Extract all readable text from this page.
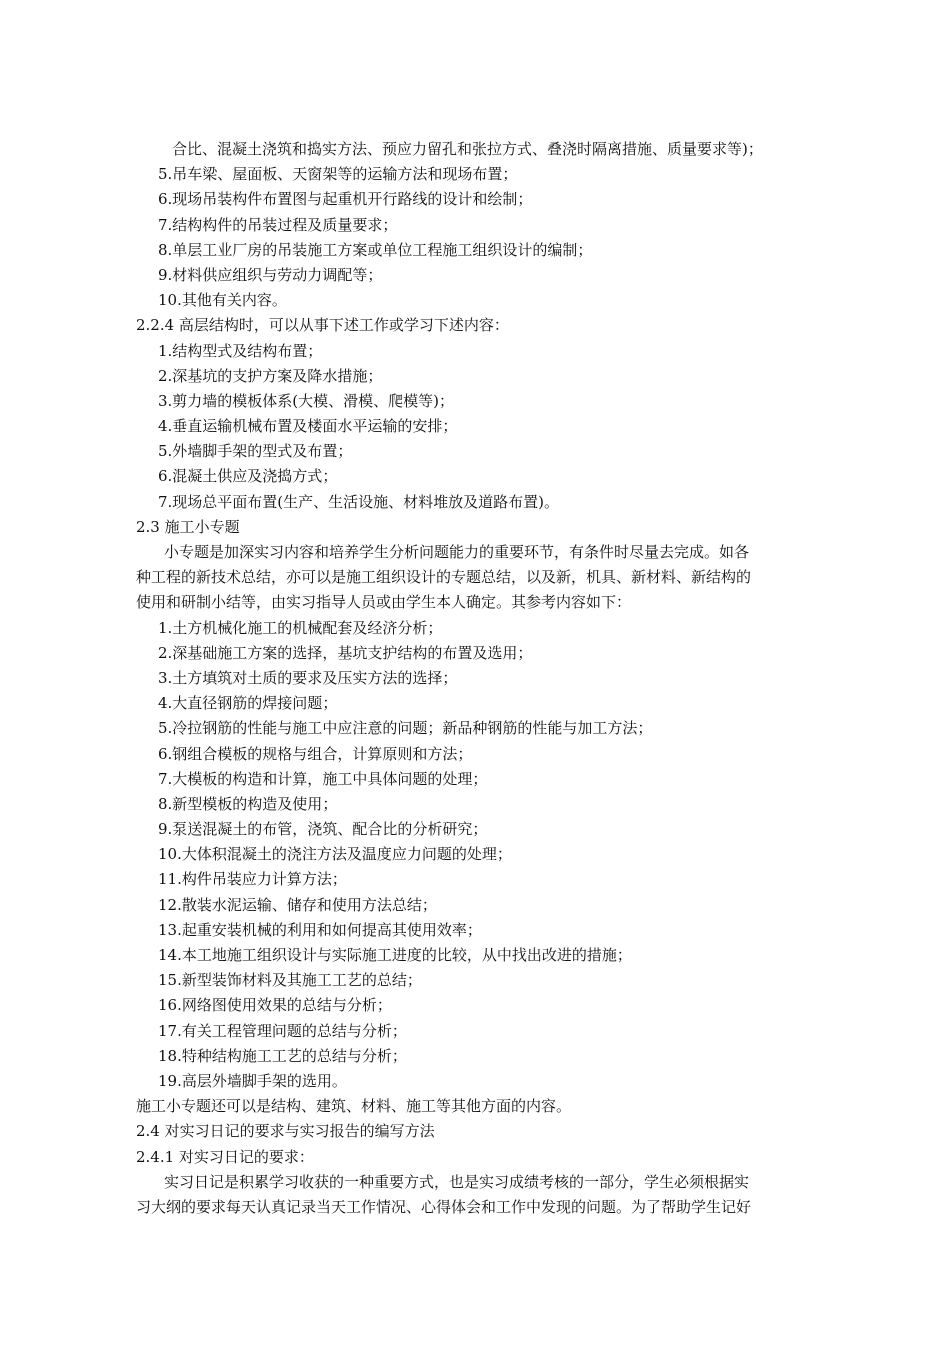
合比、混凝土浇筑和捣实方法、预应力留孔和张拉方式、叠浇时隔离措施、质量要求等)；
5.吊车梁、屋面板、天窗架等的运输方法和现场布置；
6.现场吊装构件布置图与起重机开行路线的设计和绘制；
7.结构构件的吊装过程及质量要求；
8.单层工业厂房的吊装施工方案或单位工程施工组织设计的编制；
9.材料供应组织与劳动力调配等；
10.其他有关内容。
2.2.4 高层结构时，可以从事下述工作或学习下述内容：
1.结构型式及结构布置；
2.深基坑的支护方案及降水措施；
3.剪力墙的模板体系(大模、滑模、爬模等)；
4.垂直运输机械布置及楼面水平运输的安排；
5.外墙脚手架的型式及布置；
6.混凝土供应及浇捣方式；
7.现场总平面布置(生产、生活设施、材料堆放及道路布置)。
2.3 施工小专题
小专题是加深实习内容和培养学生分析问题能力的重要环节，有条件时尽量去完成。如各
种工程的新技术总结，亦可以是施工组织设计的专题总结，以及新，机具、新材料、新结构的
使用和研制小结等，由实习指导人员或由学生本人确定。其参考内容如下：
1.土方机械化施工的机械配套及经济分析；
2.深基础施工方案的选择，基坑支护结构的布置及选用；
3.土方填筑对土质的要求及压实方法的选择；
4.大直径钢筋的焊接问题；
5.冷拉钢筋的性能与施工中应注意的问题；新品种钢筋的性能与加工方法；
6.钢组合模板的规格与组合，计算原则和方法；
7.大模板的构造和计算，施工中具体问题的处理；
8.新型模板的构造及使用；
9.泵送混凝土的布管，浇筑、配合比的分析研究；
10.大体积混凝土的浇注方法及温度应力问题的处理；
11.构件吊装应力计算方法；
12.散装水泥运输、储存和使用方法总结；
13.起重安装机械的利用和如何提高其使用效率；
14.本工地施工组织设计与实际施工进度的比较，从中找出改进的措施；
15.新型装饰材料及其施工工艺的总结；
16.网络图使用效果的总结与分析；
17.有关工程管理问题的总结与分析；
18.特种结构施工工艺的总结与分析；
19.高层外墙脚手架的选用。
施工小专题还可以是结构、建筑、材料、施工等其他方面的内容。
2.4 对实习日记的要求与实习报告的编写方法
2.4.1 对实习日记的要求：
实习日记是积累学习收获的一种重要方式，也是实习成绩考核的一部分，学生必须根据实
习大纲的要求每天认真记录当天工作情况、心得体会和工作中发现的问题。为了帮助学生记好
